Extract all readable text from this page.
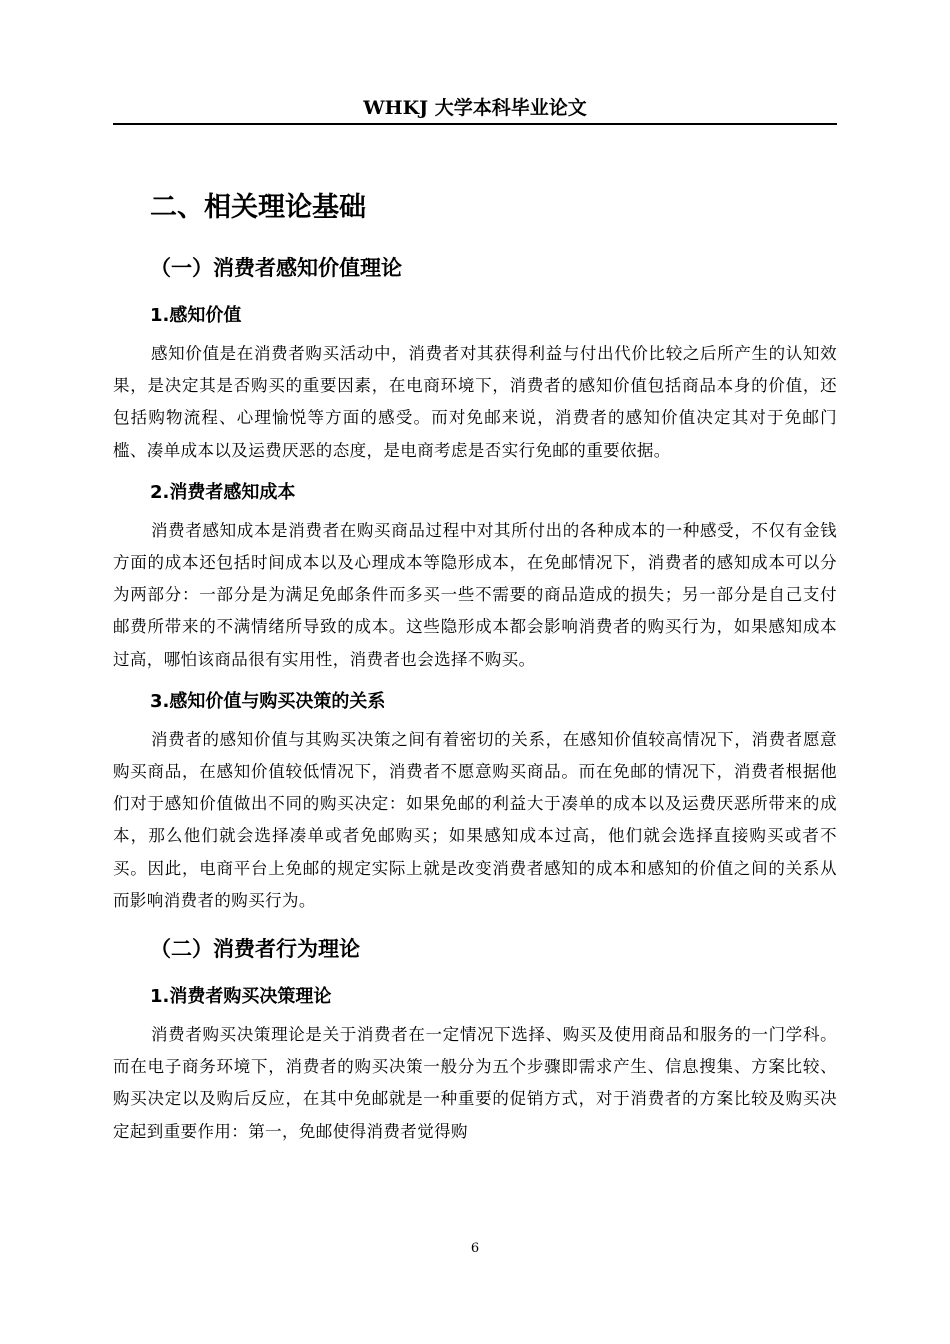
WHKJ 大学本科毕业论文
二、相关理论基础
（一）消费者感知价值理论
1.感知价值

感知价值是在消费者购买活动中，消费者对其获得利益与付出代价比较之后所产生的认知效果，是决定其是否购买的重要因素，在电商环境下，消费者的感知价值包括商品本身的价值，还包括购物流程、心理愉悦等方面的感受。而对免邮来说，消费者的感知价值决定其对于免邮门槛、凑单成本以及运费厌恶的态度，是电商考虑是否实行免邮的重要依据。

2.消费者感知成本

消费者感知成本是消费者在购买商品过程中对其所付出的各种成本的一种感受，不仅有金钱方面的成本还包括时间成本以及心理成本等隐形成本，在免邮情况下，消费者的感知成本可以分为两部分：一部分是为满足免邮条件而多买一些不需要的商品造成的损失；另一部分是自己支付邮费所带来的不满情绪所导致的成本。这些隐形成本都会影响消费者的购买行为，如果感知成本过高，哪怕该商品很有实用性，消费者也会选择不购买。

3.感知价值与购买决策的关系

消费者的感知价值与其购买决策之间有着密切的关系，在感知价值较高情况下，消费者愿意购买商品，在感知价值较低情况下，消费者不愿意购买商品。而在免邮的情况下，消费者根据他们对于感知价值做出不同的购买决定：如果免邮的利益大于凑单的成本以及运费厌恶所带来的成本，那么他们就会选择凑单或者免邮购买；如果感知成本过高，他们就会选择直接购买或者不买。因此，电商平台上免邮的规定实际上就是改变消费者感知的成本和感知的价值之间的关系从而影响消费者的购买行为。

（二）消费者行为理论
1.消费者购买决策理论

消费者购买决策理论是关于消费者在一定情况下选择、购买及使用商品和服务的一门学科。而在电子商务环境下，消费者的购买决策一般分为五个步骤即需求产生、信息搜集、方案比较、购买决定以及购后反应，在其中免邮就是一种重要的促销方式，对于消费者的方案比较及购买决定起到重要作用：第一，免邮使得消费者觉得购

6
